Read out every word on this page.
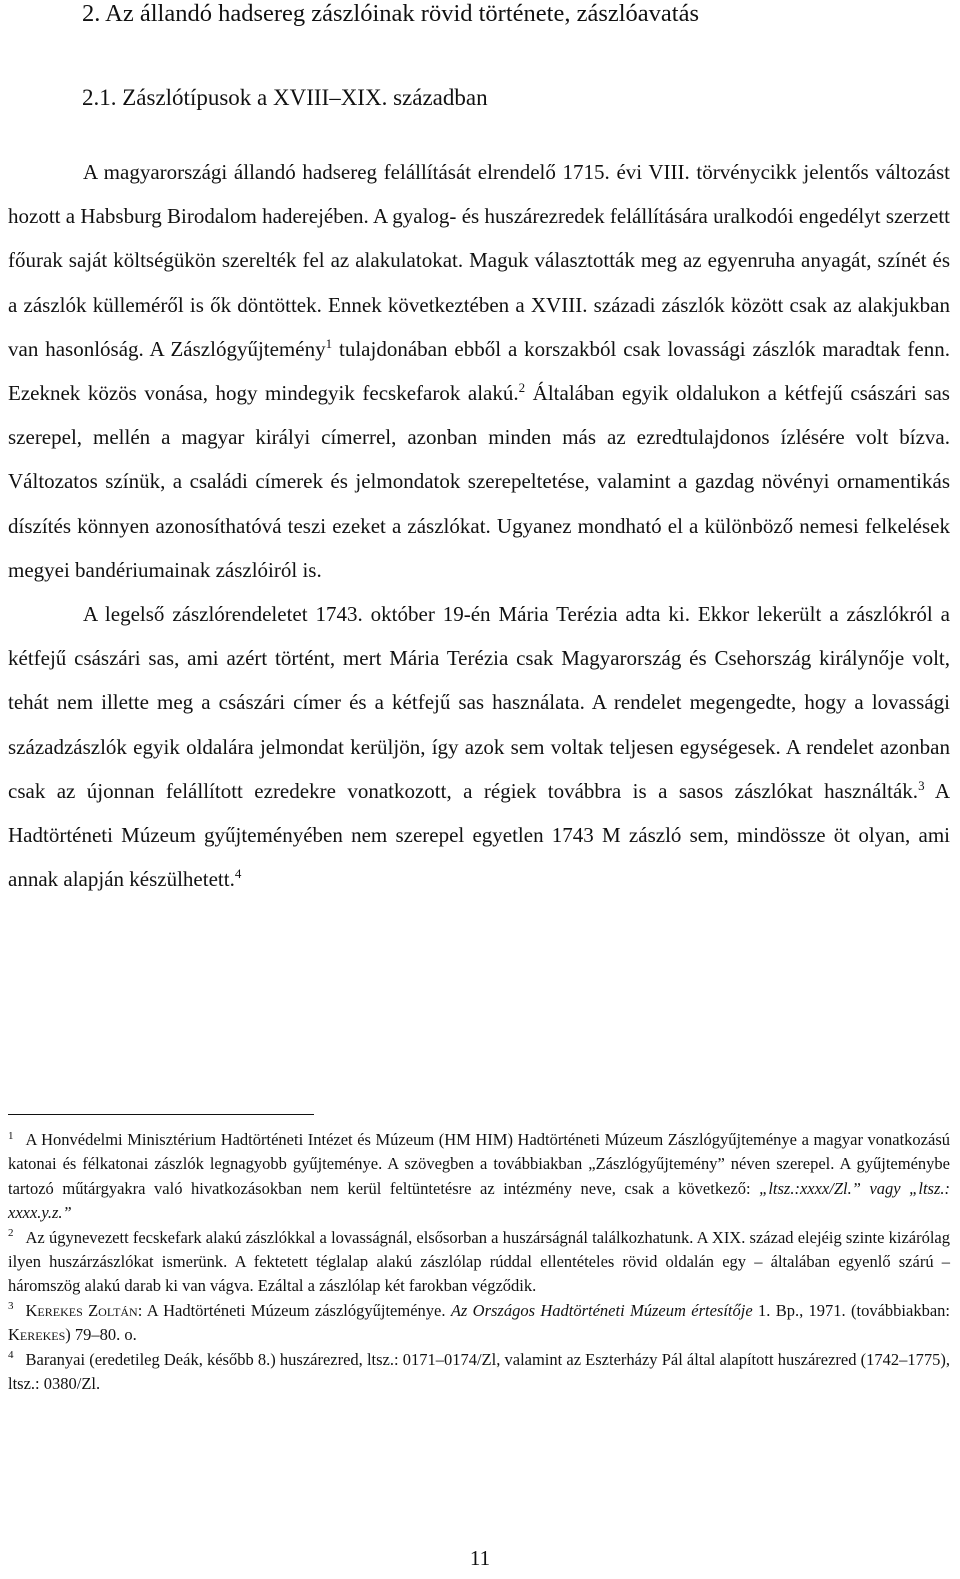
2. Az állandó hadsereg zászlóinak rövid története, zászlóavatás
2.1. Zászlótípusok a XVIII–XIX. században

A magyarországi állandó hadsereg felállítását elrendelő 1715. évi VIII. törvénycikk jelentős változást hozott a Habsburg Birodalom haderejében. A gyalog- és huszárezredek felállítására uralkodói engedélyt szerzett főurak saját költségükön szerelték fel az alakulatokat. Maguk választották meg az egyenruha anyagát, színét és a zászlók külleméről is ők döntöttek. Ennek következtében a XVIII. századi zászlók között csak az alakjukban van hasonlóság. A Zászlógyűjtemény$^1$ tulajdonában ebből a korszakból csak lovassági zászlók maradtak fenn. Ezeknek közös vonása, hogy mindegyik fecskefarok alakú.$^2$ Általában egyik oldalukon a kétfejű császári sas szerepel, mellén a magyar királyi címerrel, azonban minden más az ezredtulajdonos ízlésére volt bízva. Változatos színük, a családi címerek és jelmondatok szerepeltetése, valamint a gazdag növényi ornamentikás díszítés könnyen azonosíthatóvá teszi ezeket a zászlókat. Ugyanez mondható el a különböző nemesi felkelések megyei bandériumainak zászlóiról is.

A legelső zászlórendeletet 1743. október 19-én Mária Terézia adta ki. Ekkor lekerült a zászlókról a kétfejű császári sas, ami azért történt, mert Mária Terézia csak Magyarország és Csehország királynője volt, tehát nem illette meg a császári címer és a kétfejű sas használata. A rendelet megengedte, hogy a lovassági századzászlók egyik oldalára jelmondat kerüljön, így azok sem voltak teljesen egységesek. A rendelet azonban csak az újonnan felállított ezredekre vonatkozott, a régiek továbbra is a sasos zászlókat használták.$^3$ A Hadtörténeti Múzeum gyűjteményében nem szerepel egyetlen 1743 M zászló sem, mindössze öt olyan, ami annak alapján készülhetett.$^4$

$^1$ A Honvédelmi Minisztérium Hadtörténeti Intézet és Múzeum (HM HIM) Hadtörténeti Múzeum Zászlógyűjteménye a magyar vonatkozású katonai és félkatonai zászlók legnagyobb gyűjteménye. A szövegben a továbbiakban „Zászlógyűjtemény” néven szerepel. A gyűjteménybe tartozó műtárgyakra való hivatkozásokban nem kerül feltüntetésre az intézmény neve, csak a következő: „ltsz.:xxxx/Zl.” vagy „ltsz.: xxxx.y.z.”

$^2$ Az úgynevezett fecskefark alakú zászlókkal a lovasságnál, elsősorban a huszárságnál találkozhatunk. A XIX. század elejéig szinte kizárólag ilyen huszárzászlókat ismerünk. A fektetett téglalap alakú zászlólap rúddal ellentételes rövid oldalán egy – általában egyenlő szárú – háromszög alakú darab ki van vágva. Ezáltal a zászlólap két farokban végződik.

$^3$ Kerekes Zoltán: A Hadtörténeti Múzeum zászlógyűjteménye. Az Országos Hadtörténeti Múzeum értesítője 1. Bp., 1971. (továbbiakban: Kerekes) 79–80. o.

$^4$ Baranyai (eredetileg Deák, később 8.) huszárezred, ltsz.: 0171–0174/Zl, valamint az Eszterházy Pál által alapított huszárezred (1742–1775), ltsz.: 0380/Zl.

11
